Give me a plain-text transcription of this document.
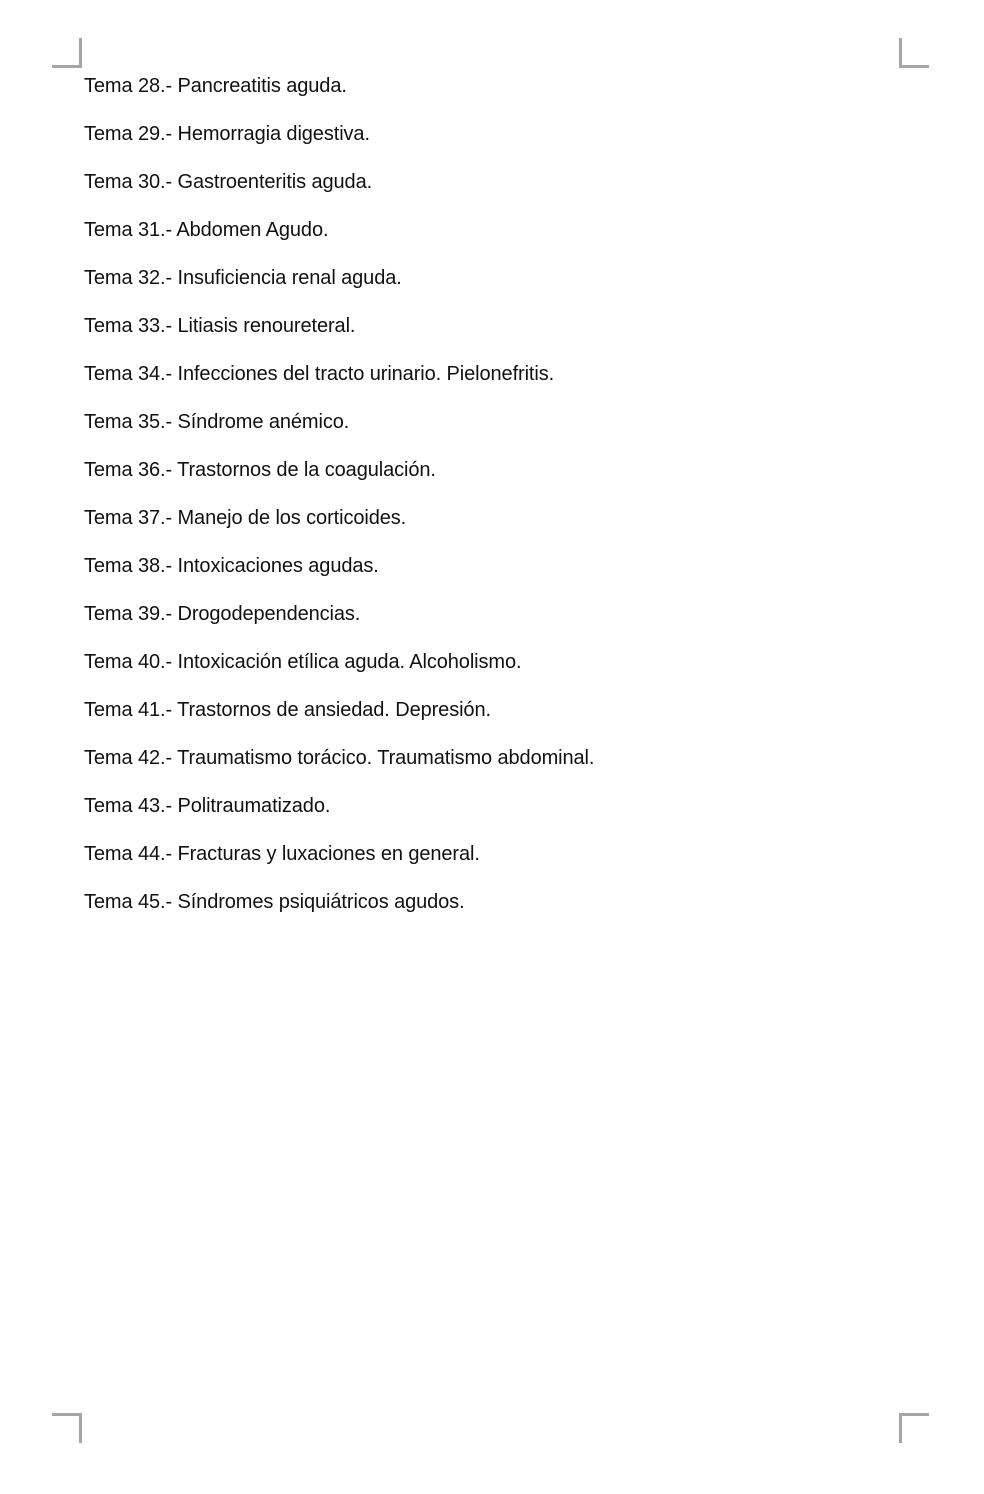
Tema 28.- Pancreatitis aguda.
Tema 29.- Hemorragia digestiva.
Tema 30.- Gastroenteritis aguda.
Tema 31.- Abdomen Agudo.
Tema 32.- Insuficiencia renal aguda.
Tema 33.- Litiasis renoureteral.
Tema 34.- Infecciones del tracto urinario. Pielonefritis.
Tema 35.- Síndrome anémico.
Tema 36.- Trastornos de la coagulación.
Tema 37.- Manejo de los corticoides.
Tema 38.- Intoxicaciones agudas.
Tema 39.- Drogodependencias.
Tema 40.- Intoxicación etílica aguda. Alcoholismo.
Tema 41.- Trastornos de ansiedad. Depresión.
Tema 42.- Traumatismo torácico. Traumatismo abdominal.
Tema 43.- Politraumatizado.
Tema 44.- Fracturas y luxaciones en general.
Tema 45.- Síndromes psiquiátricos agudos.
